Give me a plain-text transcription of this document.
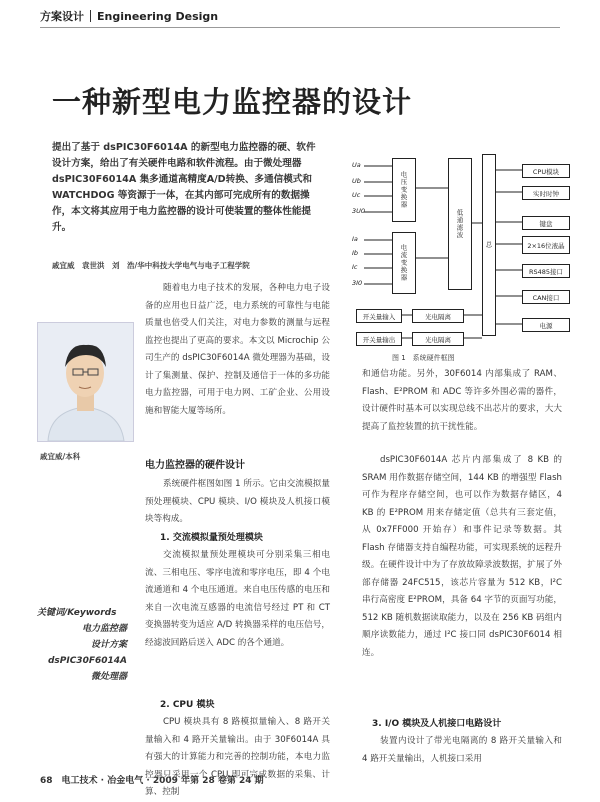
方案设计 Engineering Design
一种新型电力监控器的设计
提出了基于 dsPIC30F6014A 的新型电力监控器的硬、软件设计方案，给出了有关硬件电路和软件流程。由于微处理器 dsPIC30F6014A 集多通道高精度A/D转换、多通信模式和 WATCHDOG 等资源于一体，在其内部可完成所有的数据操作，本文将其应用于电力监控器的设计可使装置的整体性能提升。
戚宜威　袁世洪　刘　浩/华中科技大学电气与电子工程学院
戚宜威/本科
随着电力电子技术的发展，各种电力电子设备的应用也日益广泛，电力系统的可靠性与电能质量也倍受人们关注，对电力参数的测量与远程监控也提出了更高的要求。本文以 Microchip 公司生产的 dsPIC30F6014A 微处理器为基础，设计了集测量、保护、控制及通信于一体的多功能电力监控器，可用于电力网、工矿企业、公用设施和智能大厦等场所。
电力监控器的硬件设计
系统硬件框图如图 1 所示。它由交流模拟量预处理模块、CPU 模块、I/O 模块及人机接口模块等构成。
1. 交流模拟量预处理模块
交流模拟量预处理模块可分别采集三相电流、三相电压、零序电流和零序电压，即 4 个电流通道和 4 个电压通道。来自电压传感的电压和来自一次电流互感器的电流信号经过 PT 和 CT 变换器转变为适应 A/D 转换器采样的电压信号，经滤波回路后送入 ADC 的各个通道。
2. CPU 模块
CPU 模块具有 8 路模拟量输入、8 路开关量输入和 4 路开关量输出。由于 30F6014A 具有强大的计算能力和完善的控制功能，本电力监控器只采用一个 CPU 即可完成数据的采集、计算、控制
关键词/Keywords
电力监控器
设计方案
dsPIC30F6014A
微处理器
Ua
Ub
Uc
3U0
Ia
Ib
Ic
3I0
电压变换器
电流变换器
低通滤波
总
CPU模块
实时时钟
键盘
2×16位液晶
RS485接口
CAN接口
电源
开关量输入	光电隔离
开关量输出	光电隔离
图 1　系统硬件框图
和通信功能。另外，30F6014 内部集成了 RAM、Flash、E²PROM 和 ADC 等许多外围必需的器件，设计硬件时基本可以实现总线不出芯片的要求，大大提高了监控装置的抗干扰性能。
dsPIC30F6014A 芯片内部集成了 8 KB 的 SRAM 用作数据存储空间，144 KB 的增强型 Flash 可作为程序存储空间，也可以作为数据存储区，4 KB 的 E²PROM 用来存储定值（总共有三套定值，从 0x7FF000 开始存）和事件记录等数据。其 Flash 存储器支持自编程功能，可实现系统的远程升级。在硬件设计中为了存放故障录波数据，扩展了外部存储器 24FC515，该芯片容量为 512 KB，I²C 串行高密度 E²PROM，具备 64 字节的页面写功能，512 KB 随机数据读取能力，以及在 256 KB 码组内顺序读数能力，通过 I²C 接口同 dsPIC30F6014 相连。
3. I/O 模块及人机接口电路设计
装置内设计了带光电隔离的 8 路开关量输入和 4 路开关量输出，人机接口采用
68　电工技术 · 冶金电气 · 2009 年第 28 卷第 24 期
